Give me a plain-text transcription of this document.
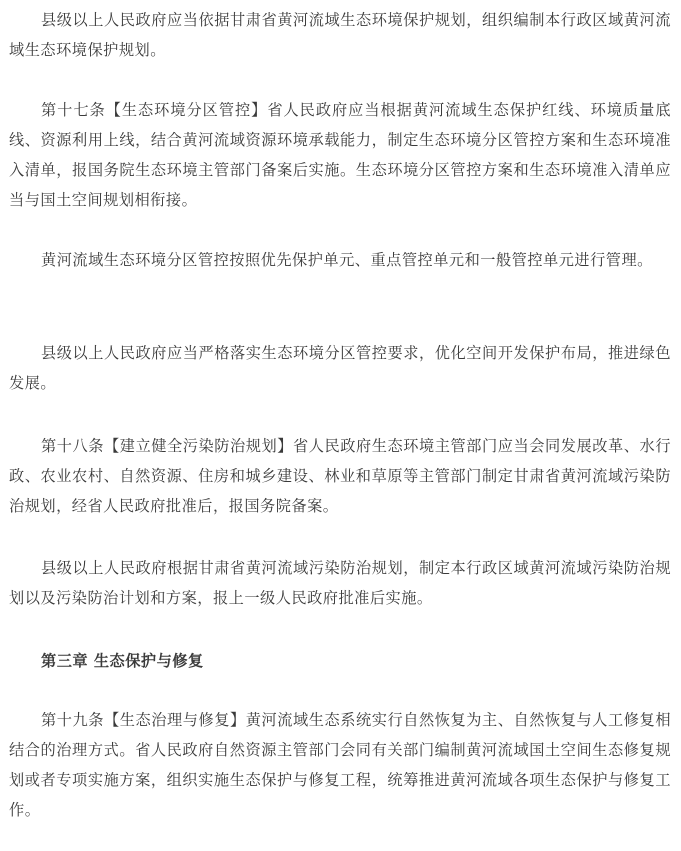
县级以上人民政府应当依据甘肃省黄河流域生态环境保护规划，组织编制本行政区域黄河流域生态环境保护规划。

第十七条【生态环境分区管控】省人民政府应当根据黄河流域生态保护红线、环境质量底线、资源利用上线，结合黄河流域资源环境承载能力，制定生态环境分区管控方案和生态环境准入清单，报国务院生态环境主管部门备案后实施。生态环境分区管控方案和生态环境准入清单应当与国土空间规划相衔接。

黄河流域生态环境分区管控按照优先保护单元、重点管控单元和一般管控单元进行管理。

县级以上人民政府应当严格落实生态环境分区管控要求，优化空间开发保护布局，推进绿色发展。

第十八条【建立健全污染防治规划】省人民政府生态环境主管部门应当会同发展改革、水行政、农业农村、自然资源、住房和城乡建设、林业和草原等主管部门制定甘肃省黄河流域污染防治规划，经省人民政府批准后，报国务院备案。

县级以上人民政府根据甘肃省黄河流域污染防治规划，制定本行政区域黄河流域污染防治规划以及污染防治计划和方案，报上一级人民政府批准后实施。

第三章 生态保护与修复

第十九条【生态治理与修复】黄河流域生态系统实行自然恢复为主、自然恢复与人工修复相结合的治理方式。省人民政府自然资源主管部门会同有关部门编制黄河流域国土空间生态修复规划或者专项实施方案，组织实施生态保护与修复工程，统筹推进黄河流域各项生态保护与修复工作。
